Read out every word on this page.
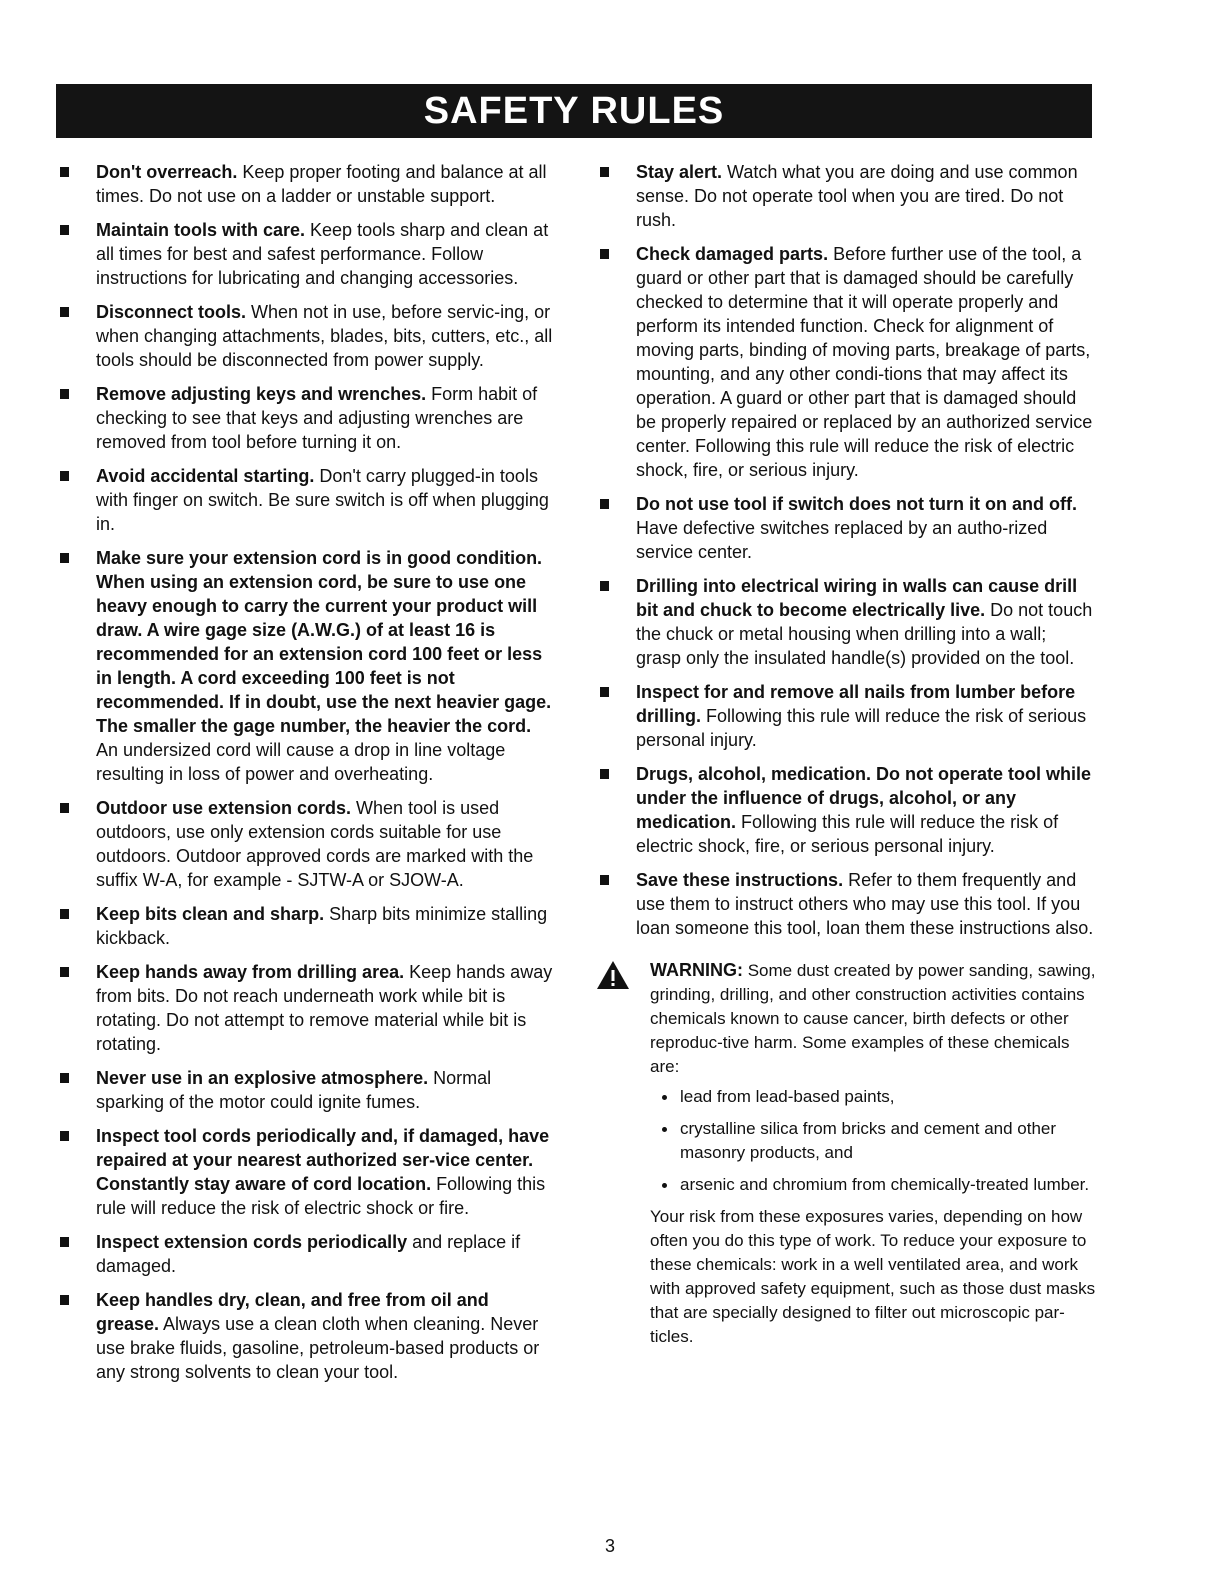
SAFETY RULES
Don't overreach. Keep proper footing and balance at all times. Do not use on a ladder or unstable support.
Maintain tools with care. Keep tools sharp and clean at all times for best and safest performance. Follow instructions for lubricating and changing accessories.
Disconnect tools. When not in use, before servic-ing, or when changing attachments, blades, bits, cutters, etc., all tools should be disconnected from power supply.
Remove adjusting keys and wrenches. Form habit of checking to see that keys and adjusting wrenches are removed from tool before turning it on.
Avoid accidental starting. Don't carry plugged-in tools with finger on switch. Be sure switch is off when plugging in.
Make sure your extension cord is in good condition. When using an extension cord, be sure to use one heavy enough to carry the current your product will draw. A wire gage size (A.W.G.) of at least 16 is recommended for an extension cord 100 feet or less in length. A cord exceeding 100 feet is not recommended. If in doubt, use the next heavier gage. The smaller the gage number, the heavier the cord. An undersized cord will cause a drop in line voltage resulting in loss of power and overheating.
Outdoor use extension cords. When tool is used outdoors, use only extension cords suitable for use outdoors. Outdoor approved cords are marked with the suffix W-A, for example - SJTW-A or SJOW-A.
Keep bits clean and sharp. Sharp bits minimize stalling kickback.
Keep hands away from drilling area. Keep hands away from bits. Do not reach underneath work while bit is rotating. Do not attempt to remove material while bit is rotating.
Never use in an explosive atmosphere. Normal sparking of the motor could ignite fumes.
Inspect tool cords periodically and, if damaged, have repaired at your nearest authorized ser-vice center. Constantly stay aware of cord location. Following this rule will reduce the risk of electric shock or fire.
Inspect extension cords periodically and replace if damaged.
Keep handles dry, clean, and free from oil and grease. Always use a clean cloth when cleaning. Never use brake fluids, gasoline, petroleum-based products or any strong solvents to clean your tool.
Stay alert. Watch what you are doing and use common sense. Do not operate tool when you are tired. Do not rush.
Check damaged parts. Before further use of the tool, a guard or other part that is damaged should be carefully checked to determine that it will operate properly and perform its intended function. Check for alignment of moving parts, binding of moving parts, breakage of parts, mounting, and any other condi-tions that may affect its operation. A guard or other part that is damaged should be properly repaired or replaced by an authorized service center. Following this rule will reduce the risk of electric shock, fire, or serious injury.
Do not use tool if switch does not turn it on and off. Have defective switches replaced by an autho-rized service center.
Drilling into electrical wiring in walls can cause drill bit and chuck to become electrically live. Do not touch the chuck or metal housing when drilling into a wall; grasp only the insulated handle(s) provided on the tool.
Inspect for and remove all nails from lumber before drilling. Following this rule will reduce the risk of serious personal injury.
Drugs, alcohol, medication. Do not operate tool while under the influence of drugs, alcohol, or any medication. Following this rule will reduce the risk of electric shock, fire, or serious personal injury.
Save these instructions. Refer to them frequently and use them to instruct others who may use this tool. If you loan someone this tool, loan them these instructions also.
WARNING: Some dust created by power sanding, sawing, grinding, drilling, and other construction activities contains chemicals known to cause cancer, birth defects or other reproduc-tive harm. Some examples of these chemicals are:
lead from lead-based paints,
crystalline silica from bricks and cement and other masonry products, and
arsenic and chromium from chemically-treated lumber.
Your risk from these exposures varies, depending on how often you do this type of work. To reduce your exposure to these chemicals: work in a well ventilated area, and work with approved safety equipment, such as those dust masks that are specially designed to filter out microscopic par-ticles.
3
